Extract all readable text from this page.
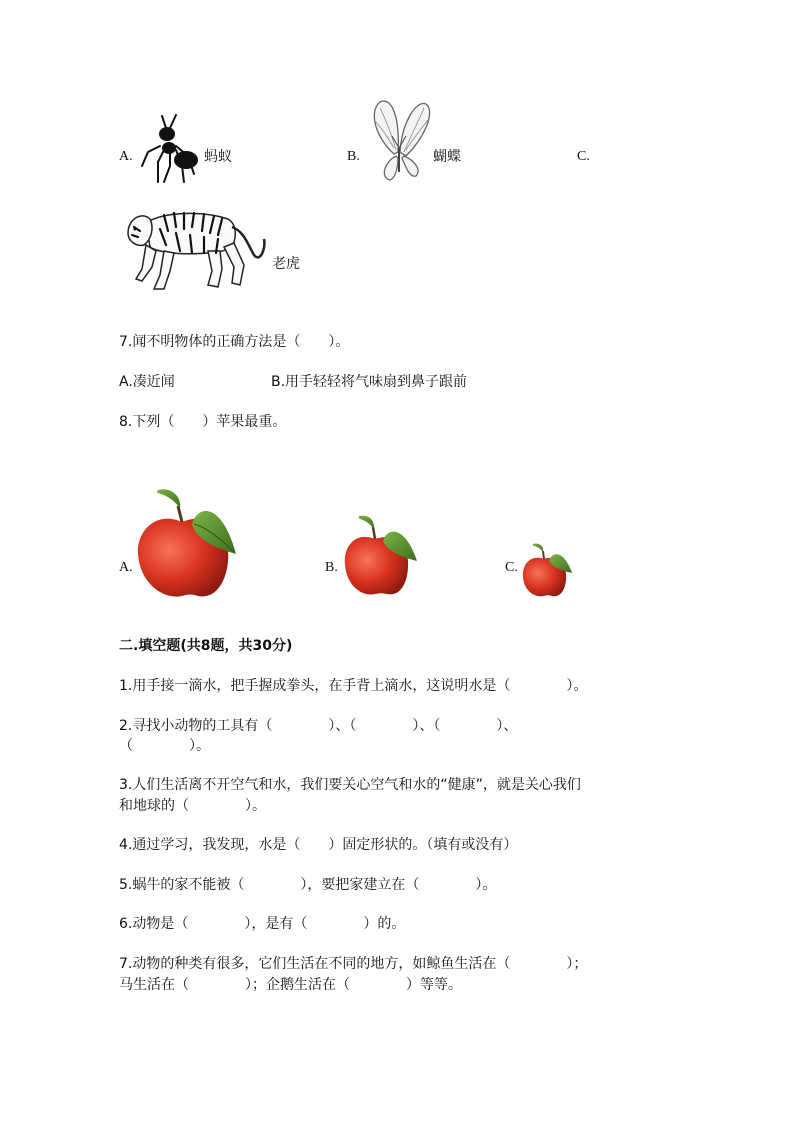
A.	蚂蚁	B.	蝴蝶	C.
老虎
7.闻不明物体的正确方法是（　　）。
A.凑近闻	B.用手轻轻将气味扇到鼻子跟前
8.下列（　　）苹果最重。
A.	B.	C.
二.填空题(共8题，共30分)
1.用手接一滴水，把手握成拳头，在手背上滴水，这说明水是（　　　　）。
2.寻找小动物的工具有（　　　　）、（　　　　）、（　　　　）、
（　　　　）。
3.人们生活离不开空气和水，我们要关心空气和水的“健康”，就是关心我们
和地球的（　　　　）。
4.通过学习，我发现，水是（　　）固定形状的。（填有或没有）
5.蜗牛的家不能被（　　　　），要把家建立在（　　　　）。
6.动物是（　　　　），是有（　　　　）的。
7.动物的种类有很多，它们生活在不同的地方，如鲸鱼生活在（　　　　）；
马生活在（　　　　）；企鹅生活在（　　　　）等等。
